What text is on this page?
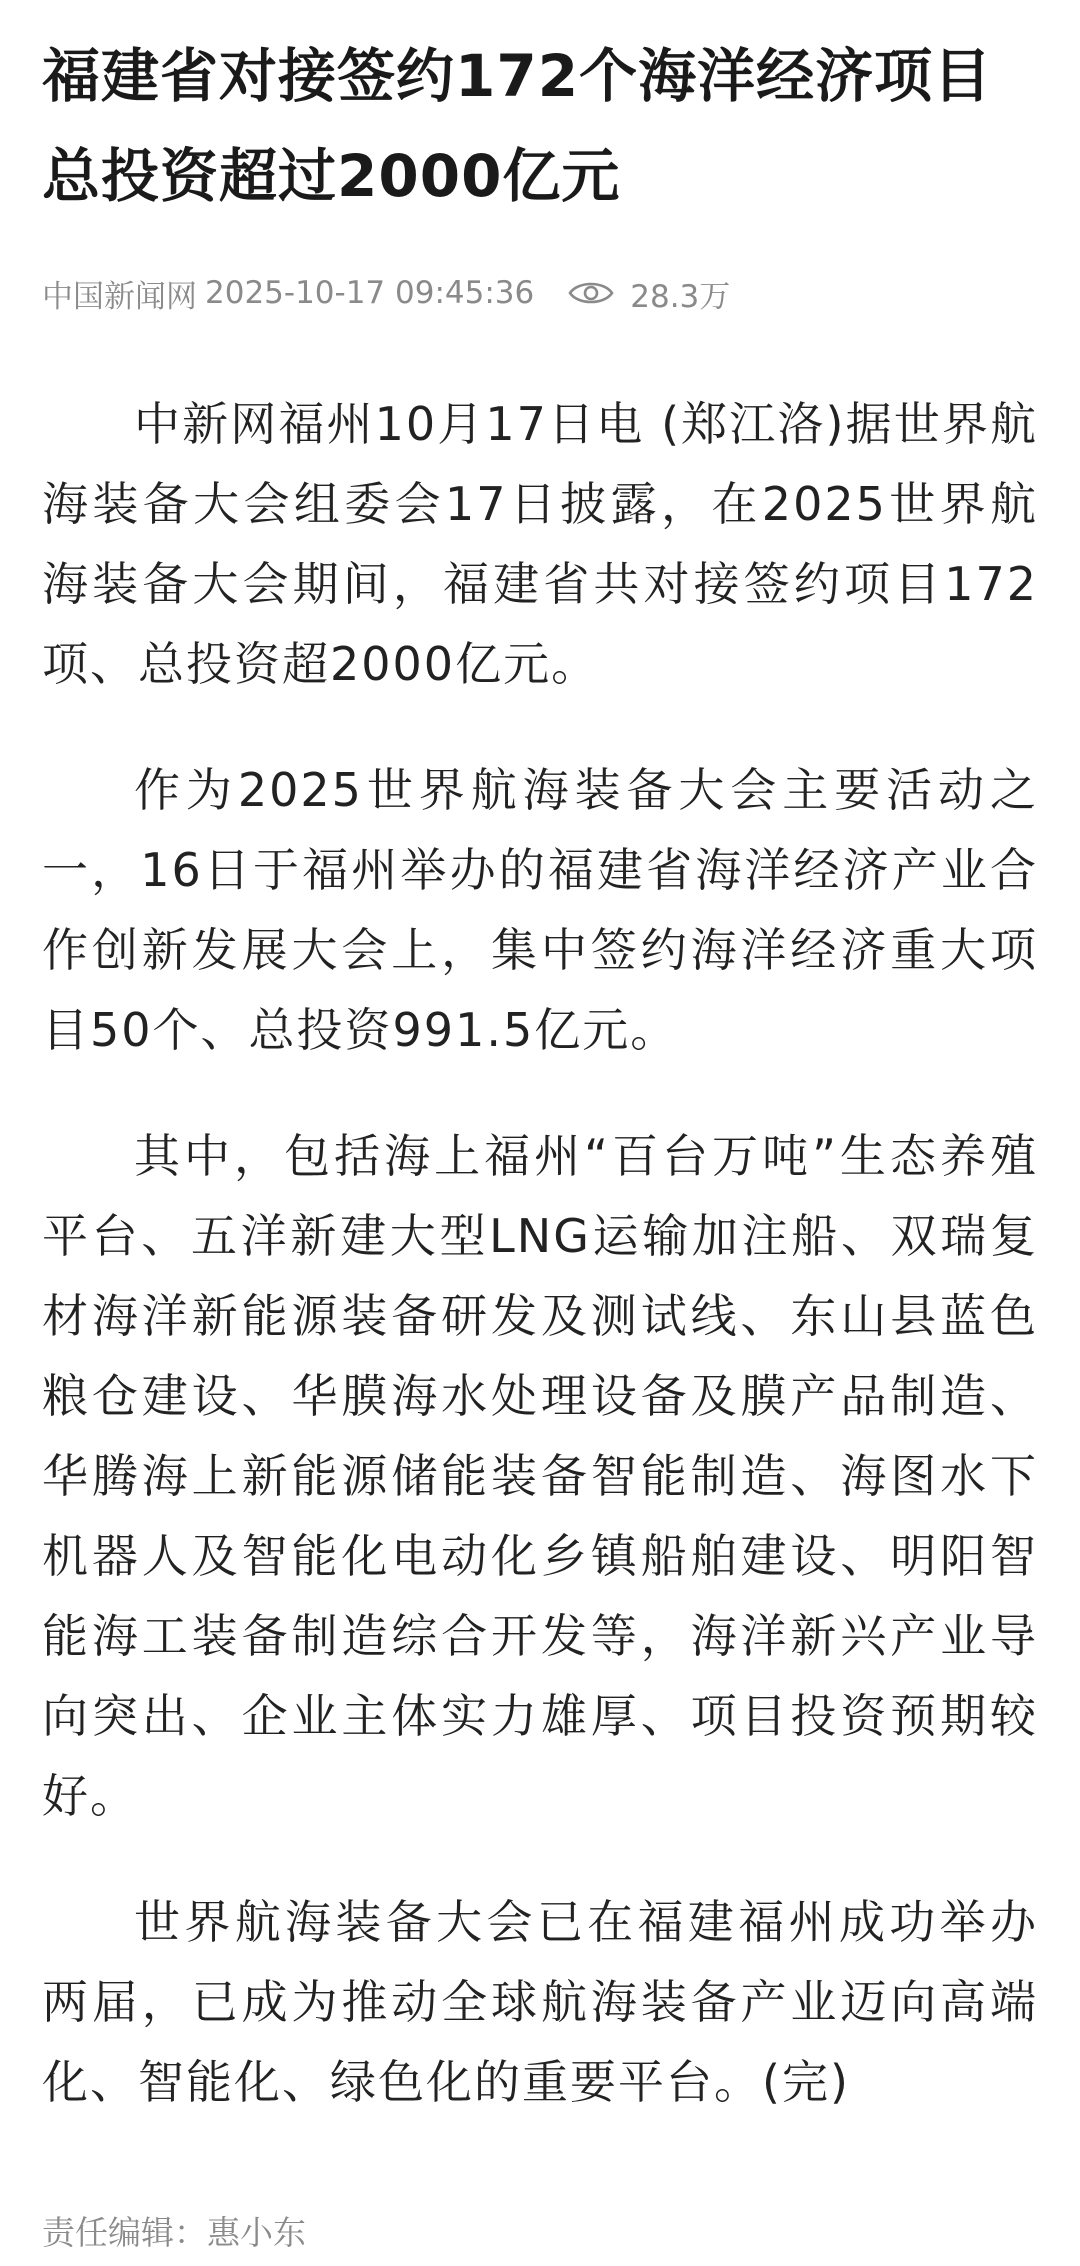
福建省对接签约172个海洋经济项目总投资超过2000亿元
中国新闻网 2025-10-17 09:45:36	28.3万

中新网福州10月17日电 (郑江洛)据世界航海装备大会组委会17日披露，在2025世界航海装备大会期间，福建省共对接签约项目172项、总投资超2000亿元。

作为2025世界航海装备大会主要活动之一，16日于福州举办的福建省海洋经济产业合作创新发展大会上，集中签约海洋经济重大项目50个、总投资991.5亿元。

其中，包括海上福州“百台万吨”生态养殖平台、五洋新建大型LNG运输加注船、双瑞复材海洋新能源装备研发及测试线、东山县蓝色粮仓建设、华膜海水处理设备及膜产品制造、华腾海上新能源储能装备智能制造、海图水下机器人及智能化电动化乡镇船舶建设、明阳智能海工装备制造综合开发等，海洋新兴产业导向突出、企业主体实力雄厚、项目投资预期较好。

世界航海装备大会已在福建福州成功举办两届，已成为推动全球航海装备产业迈向高端化、智能化、绿色化的重要平台。(完)

责任编辑：惠小东
